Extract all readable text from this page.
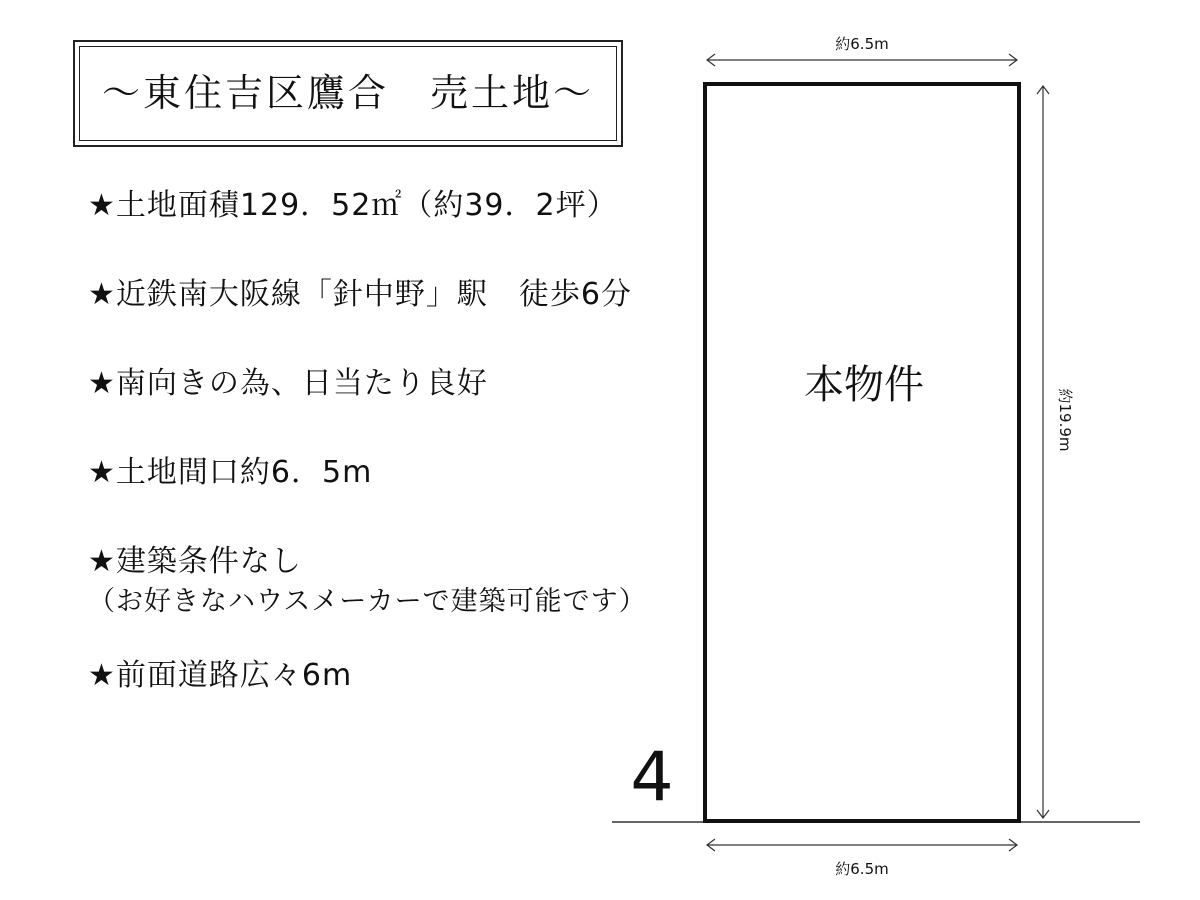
～東住吉区鷹合　売土地～
★土地面積129．52㎡（約39．2坪）
★近鉄南大阪線「針中野」駅　徒歩6分
★南向きの為、日当たり良好
★土地間口約6．5m
★建築条件なし
（お好きなハウスメーカーで建築可能です）
★前面道路広々6m
約6.5m
約6.5m
約19.9m
本物件
4
